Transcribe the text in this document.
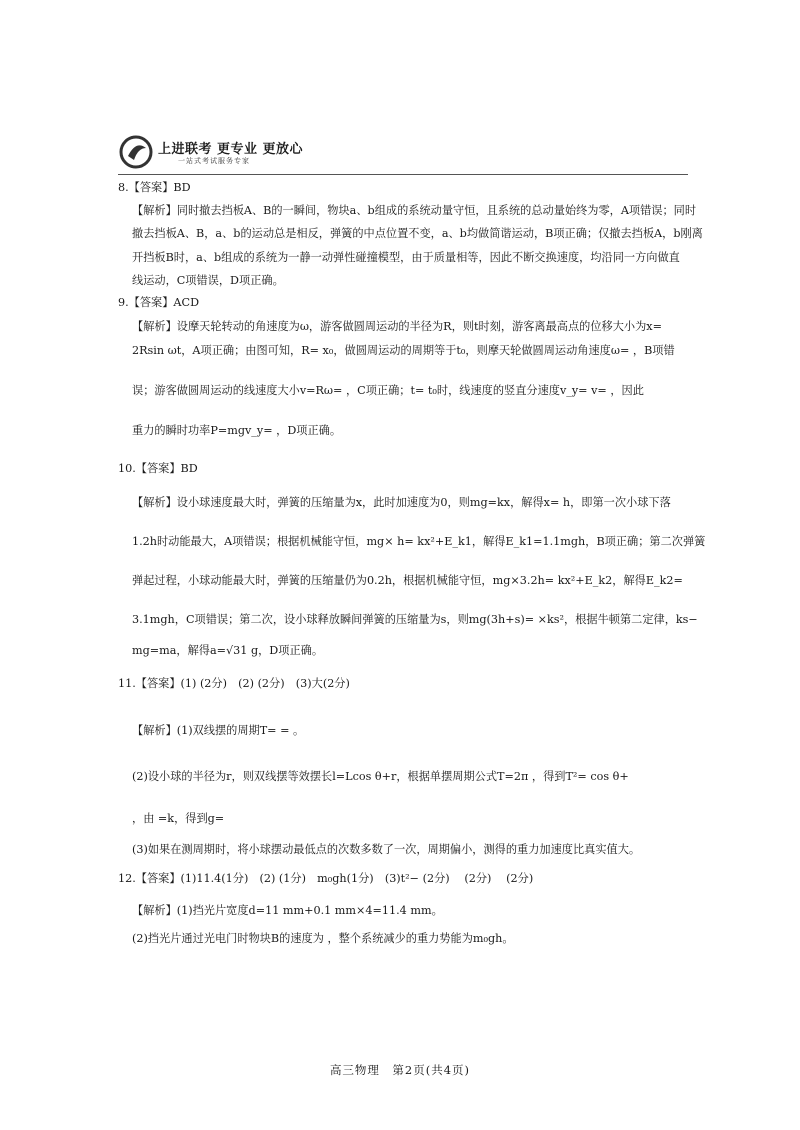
上进联考 更专业 更放心
一站式考试服务专家
8.【答案】BD
【解析】同时撤去挡板A、B的一瞬间，物块a、b组成的系统动量守恒，且系统的总动量始终为零，A项错误；同时
撤去挡板A、B，a、b的运动总是相反，弹簧的中点位置不变，a、b均做简谐运动，B项正确；仅撤去挡板A，b刚离
开挡板B时，a、b组成的系统为一静一动弹性碰撞模型，由于质量相等，因此不断交换速度，均沿同一方向做直
线运动，C项错误，D项正确。
9.【答案】ACD
【解析】设摩天轮转动的角速度为ω，游客做圆周运动的半径为R，则t时刻，游客离最高点的位移大小为x=
2Rsin ωt，A项正确；由图可知，R= x₀，做圆周运动的周期等于t₀，则摩天轮做圆周运动角速度ω= ，B项错
误；游客做圆周运动的线速度大小v=Rω= ，C项正确；t= t₀时，线速度的竖直分速度v_y= v= ，因此
重力的瞬时功率P=mgv_y= ，D项正确。
10.【答案】BD
【解析】设小球速度最大时，弹簧的压缩量为x，此时加速度为0，则mg=kx，解得x= h，即第一次小球下落
1.2h时动能最大，A项错误；根据机械能守恒，mg× h= kx²+E_k1，解得E_k1=1.1mgh，B项正确；第二次弹簧
弹起过程，小球动能最大时，弹簧的压缩量仍为0.2h，根据机械能守恒，mg×3.2h= kx²+E_k2，解得E_k2=
3.1mgh，C项错误；第二次，设小球释放瞬间弹簧的压缩量为s，则mg(3h+s)= ×ks²，根据牛顿第二定律，ks−
mg=ma，解得a=√31 g，D项正确。
11.【答案】(1) (2分)　(2) (2分)　(3)大(2分)
【解析】(1)双线摆的周期T= = 。
(2)设小球的半径为r，则双线摆等效摆长l=Lcos θ+r，根据单摆周期公式T=2π ，得到T²= cos θ+
，由 =k，得到g=
(3)如果在测周期时，将小球摆动最低点的次数多数了一次，周期偏小，测得的重力加速度比真实值大。
12.【答案】(1)11.4(1分)　(2) (1分)　m₀gh(1分)　(3)t²− (2分)　 (2分)　 (2分)
【解析】(1)挡光片宽度d=11 mm+0.1 mm×4=11.4 mm。
(2)挡光片通过光电门时物块B的速度为 ，整个系统减少的重力势能为m₀gh。
高三物理　第2页(共4页)
